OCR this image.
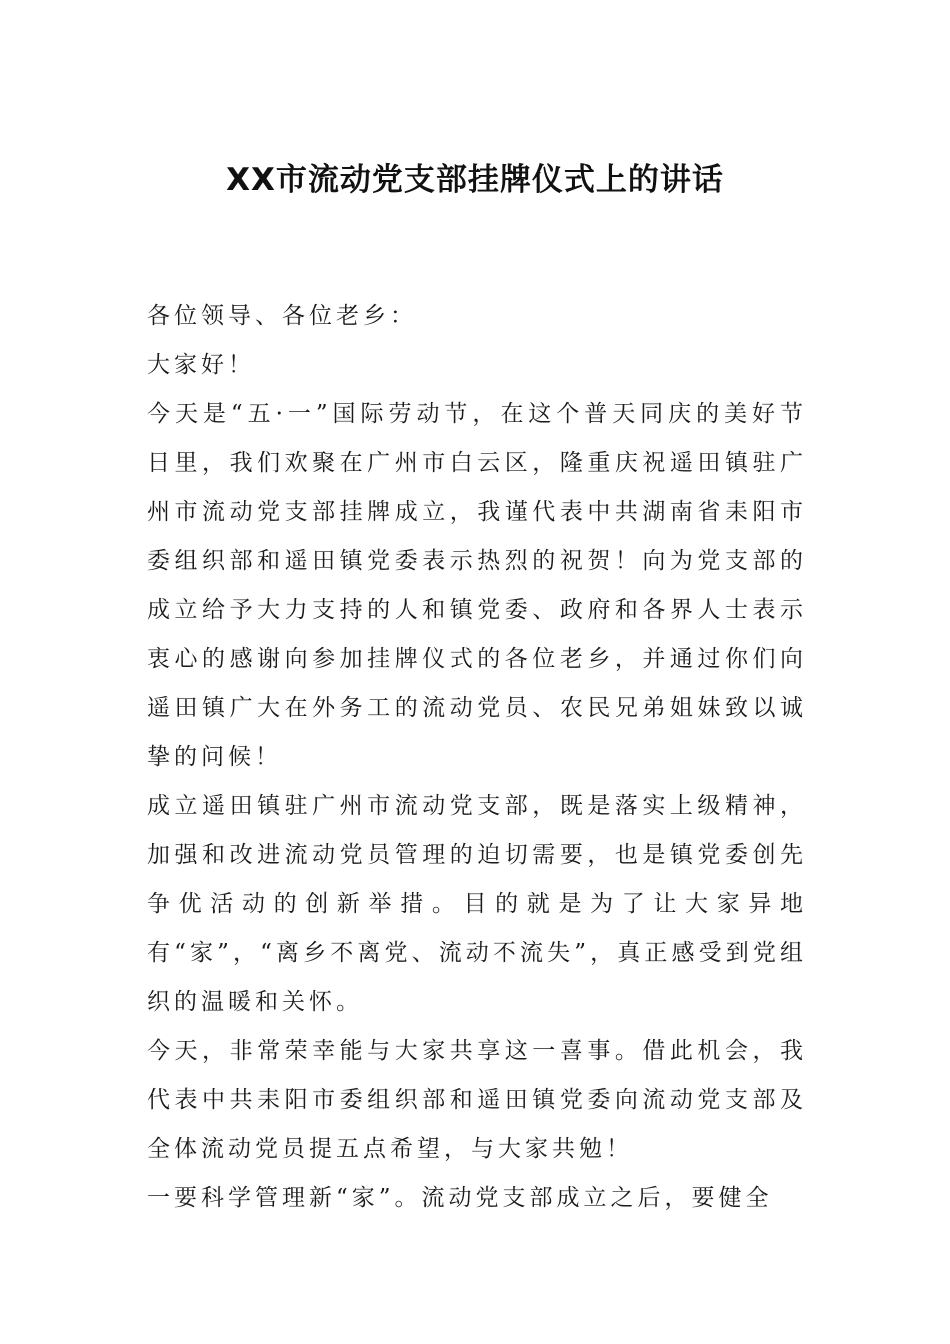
XX市流动党支部挂牌仪式上的讲话

各位领导、各位老乡：

大家好！

今天是“五·一”国际劳动节，在这个普天同庆的美好节日里，我们欢聚在广州市白云区，隆重庆祝遥田镇驻广州市流动党支部挂牌成立，我谨代表中共湖南省耒阳市委组织部和遥田镇党委表示热烈的祝贺！向为党支部的成立给予大力支持的人和镇党委、政府和各界人士表示衷心的感谢向参加挂牌仪式的各位老乡，并通过你们向遥田镇广大在外务工的流动党员、农民兄弟姐妹致以诚挚的问候！

成立遥田镇驻广州市流动党支部，既是落实上级精神，加强和改进流动党员管理的迫切需要，也是镇党委创先争优活动的创新举措。目的就是为了让大家异地有“家”，“离乡不离党、流动不流失”，真正感受到党组织的温暖和关怀。

今天，非常荣幸能与大家共享这一喜事。借此机会，我代表中共耒阳市委组织部和遥田镇党委向流动党支部及全体流动党员提五点希望，与大家共勉！

一要科学管理新“家”。流动党支部成立之后，要健全
